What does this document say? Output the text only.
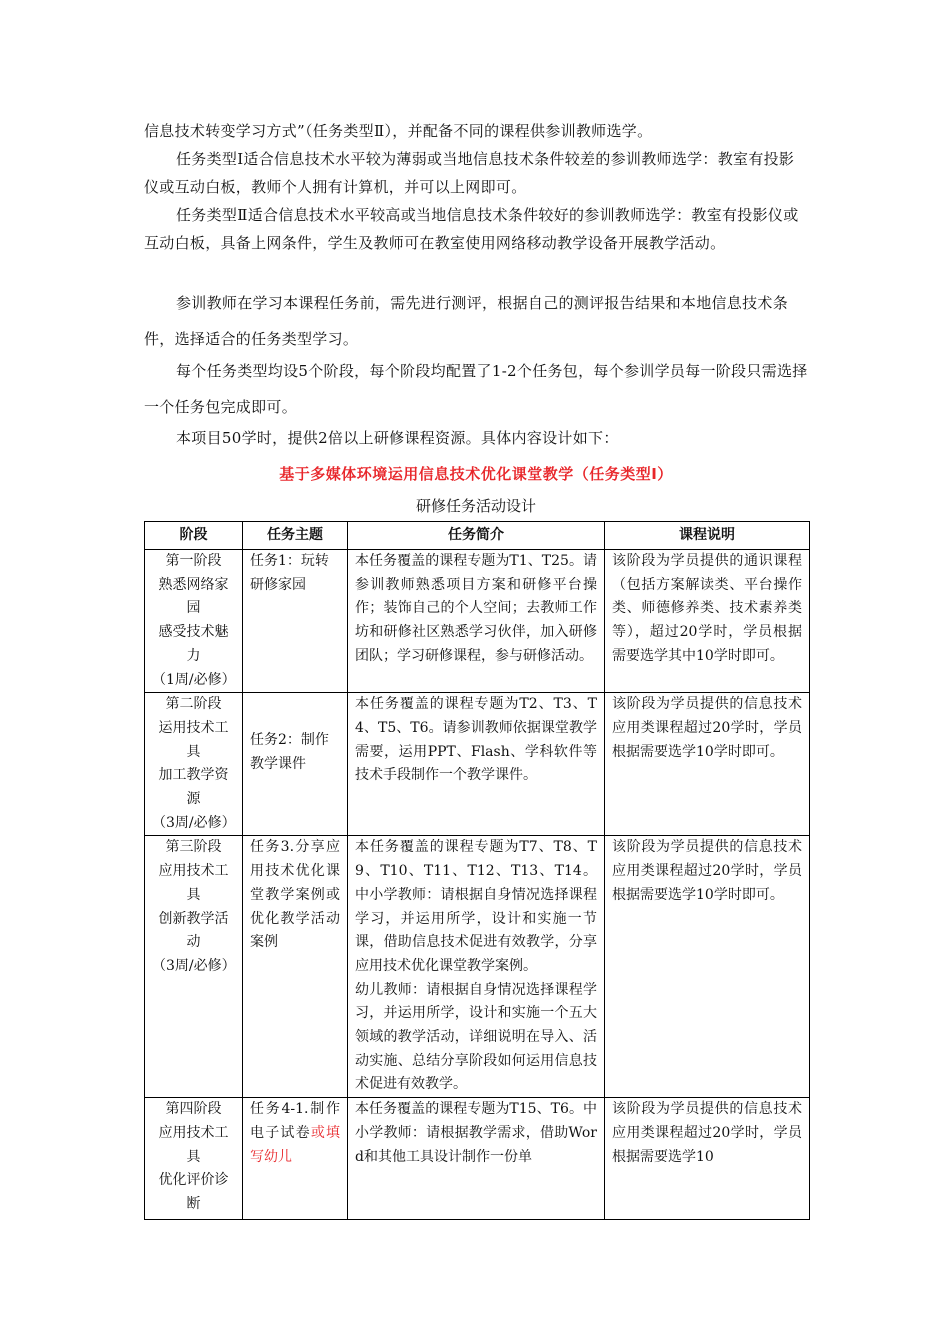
信息技术转变学习方式”（任务类型Ⅱ），并配备不同的课程供参训教师选学。
任务类型Ⅰ适合信息技术水平较为薄弱或当地信息技术条件较差的参训教师选学：教室有投影仪或互动白板，教师个人拥有计算机，并可以上网即可。
任务类型Ⅱ适合信息技术水平较高或当地信息技术条件较好的参训教师选学：教室有投影仪或互动白板，具备上网条件，学生及教师可在教室使用网络移动教学设备开展教学活动。
参训教师在学习本课程任务前，需先进行测评，根据自己的测评报告结果和本地信息技术条件，选择适合的任务类型学习。
每个任务类型均设5个阶段，每个阶段均配置了1-2个任务包，每个参训学员每一阶段只需选择一个任务包完成即可。
本项目50学时，提供2倍以上研修课程资源。具体内容设计如下：
基于多媒体环境运用信息技术优化课堂教学（任务类型Ⅰ）
研修任务活动设计
阶段	任务主题	任务简介	课程说明

第一阶段
熟悉网络家园
感受技术魅力
（1周/必修）	任务1：玩转研修家园	本任务覆盖的课程专题为T1、T25。请参训教师熟悉项目方案和研修平台操作；装饰自己的个人空间；去教师工作坊和研修社区熟悉学习伙伴，加入研修团队；学习研修课程，参与研修活动。	该阶段为学员提供的通识课程（包括方案解读类、平台操作类、师德修养类、技术素养类等），超过20学时，学员根据需要选学其中10学时即可。

第二阶段
运用技术工具
加工教学资源
（3周/必修）	任务2：制作教学课件	本任务覆盖的课程专题为T2、T3、T4、T5、T6。请参训教师依据课堂教学需要，运用PPT、Flash、学科软件等技术手段制作一个教学课件。	该阶段为学员提供的信息技术应用类课程超过20学时，学员根据需要选学10学时即可。

第三阶段
应用技术工具
创新教学活动
（3周/必修）	任务3.分享应用技术优化课堂教学案例或优化教学活动案例	本任务覆盖的课程专题为T7、T8、T9、T10、T11、T12、T13、T14。中小学教师：请根据自身情况选择课程学习，并运用所学，设计和实施一节课，借助信息技术促进有效教学，分享应用技术优化课堂教学案例。
幼儿教师：请根据自身情况选择课程学习，并运用所学，设计和实施一个五大领域的教学活动，详细说明在导入、活动实施、总结分享阶段如何运用信息技术促进有效教学。	该阶段为学员提供的信息技术应用类课程超过20学时，学员根据需要选学10学时即可。

第四阶段
应用技术工具
优化评价诊断	任务4-1.制作电子试卷或填写幼儿	本任务覆盖的课程专题为T15、T6。中小学教师：请根据教学需求，借助Word和其他工具设计制作一份单	该阶段为学员提供的信息技术应用类课程超过20学时，学员根据需要选学10
